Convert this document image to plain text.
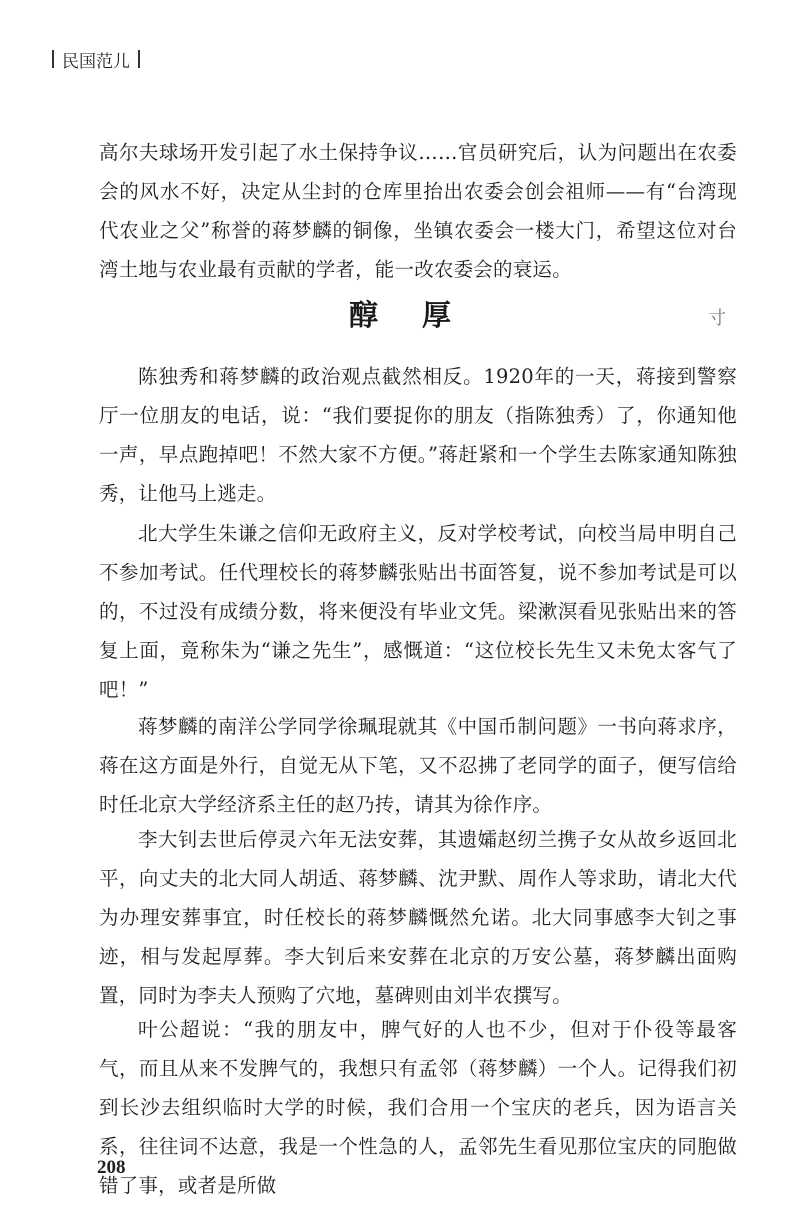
民国范儿

高尔夫球场开发引起了水土保持争议……官员研究后，认为问题出在农委会的风水不好，决定从尘封的仓库里抬出农委会创会祖师——有“台湾现代农业之父”称誉的蒋梦麟的铜像，坐镇农委会一楼大门，希望这位对台湾土地与农业最有贡献的学者，能一改农委会的衰运。

醇厚	寸

陈独秀和蒋梦麟的政治观点截然相反。1920年的一天，蒋接到警察厅一位朋友的电话，说：“我们要捉你的朋友（指陈独秀）了，你通知他一声，早点跑掉吧！不然大家不方便。”蒋赶紧和一个学生去陈家通知陈独秀，让他马上逃走。

北大学生朱谦之信仰无政府主义，反对学校考试，向校当局申明自己不参加考试。任代理校长的蒋梦麟张贴出书面答复，说不参加考试是可以的，不过没有成绩分数，将来便没有毕业文凭。梁漱溟看见张贴出来的答复上面，竟称朱为“谦之先生”，感慨道：“这位校长先生又未免太客气了吧！”

蒋梦麟的南洋公学同学徐珮琨就其《中国币制问题》一书向蒋求序，蒋在这方面是外行，自觉无从下笔，又不忍拂了老同学的面子，便写信给时任北京大学经济系主任的赵乃抟，请其为徐作序。

李大钊去世后停灵六年无法安葬，其遗孀赵纫兰携子女从故乡返回北平，向丈夫的北大同人胡适、蒋梦麟、沈尹默、周作人等求助，请北大代为办理安葬事宜，时任校长的蒋梦麟慨然允诺。北大同事感李大钊之事迹，相与发起厚葬。李大钊后来安葬在北京的万安公墓，蒋梦麟出面购置，同时为李夫人预购了穴地，墓碑则由刘半农撰写。

叶公超说：“我的朋友中，脾气好的人也不少，但对于仆役等最客气，而且从来不发脾气的，我想只有孟邻（蒋梦麟）一个人。记得我们初到长沙去组织临时大学的时候，我们合用一个宝庆的老兵，因为语言关系，往往词不达意，我是一个性急的人，孟邻先生看见那位宝庆的同胞做错了事，或者是所做

208
